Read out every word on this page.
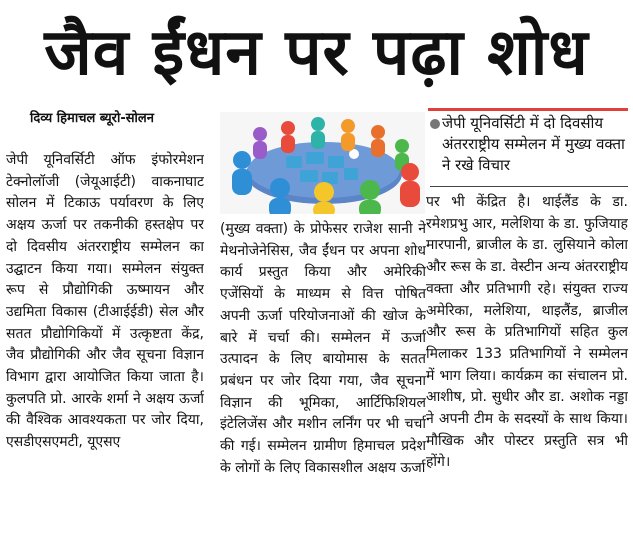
जैव ईंधन पर पढ़ा शोध
दिव्य हिमाचल ब्यूरो-सोलन
जेपी यूनिवर्सिटी ऑफ इंफोरमेशन टेक्नोलॉजी (जेयूआईटी) वाकनाघाट सोलन में टिकाऊ पर्यावरण के लिए अक्षय ऊर्जा पर तकनीकी हस्तक्षेप पर दो दिवसीय अंतरराष्ट्रीय सम्मेलन का उद्घाटन किया गया। सम्मेलन संयुक्त रूप से प्रौद्योगिकी ऊष्मायन और उद्यमिता विकास (टीआईईडी) सेल और सतत प्रौद्योगिकियों में उत्कृष्टता केंद्र, जैव प्रौद्योगिकी और जैव सूचना विज्ञान विभाग द्वारा आयोजित किया जाता है। कुलपति प्रो. आरके शर्मा ने अक्षय ऊर्जा की वैश्विक आवश्यकता पर जोर दिया, एसडीएसएमटी, यूएसए
(मुख्य वक्ता) के प्रोफेसर राजेश सानी ने मेथनोजेनेसिस, जैव ईंधन पर अपना शोध कार्य प्रस्तुत किया और अमेरिकी एजेंसियों के माध्यम से वित्त पोषित अपनी ऊर्जा परियोजनाओं की खोज के बारे में चर्चा की। सम्मेलन में ऊर्जा उत्पादन के लिए बायोमास के सतत प्रबंधन पर जोर दिया गया, जैव सूचना विज्ञान की भूमिका, आर्टिफिशियल इंटेलिजेंस और मशीन लर्निंग पर भी चर्चा की गई। सम्मेलन ग्रामीण हिमाचल प्रदेश के लोगों के लिए विकासशील अक्षय ऊर्जा
जेपी यूनिवर्सिटी में दो दिवसीय अंतरराष्ट्रीय सम्मेलन में मुख्य वक्ता ने रखे विचार
पर भी केंद्रित है। थाईलैंड के डा. रमेशप्रभु आर, मलेशिया के डा. फुजियाह मारपानी, ब्राजील के डा. लुसियाने कोला और रूस के डा. वेस्टीन अन्य अंतरराष्ट्रीय वक्ता और प्रतिभागी रहे। संयुक्त राज्य अमेरिका, मलेशिया, थाइलैंड, ब्राजील और रूस के प्रतिभागियों सहित कुल मिलाकर 133 प्रतिभागियों ने सम्मेलन में भाग लिया। कार्यक्रम का संचालन प्रो. आशीष, प्रो. सुधीर और डा. अशोक नड्डा ने अपनी टीम के सदस्यों के साथ किया। मौखिक और पोस्टर प्रस्तुति सत्र भी होंगे।
